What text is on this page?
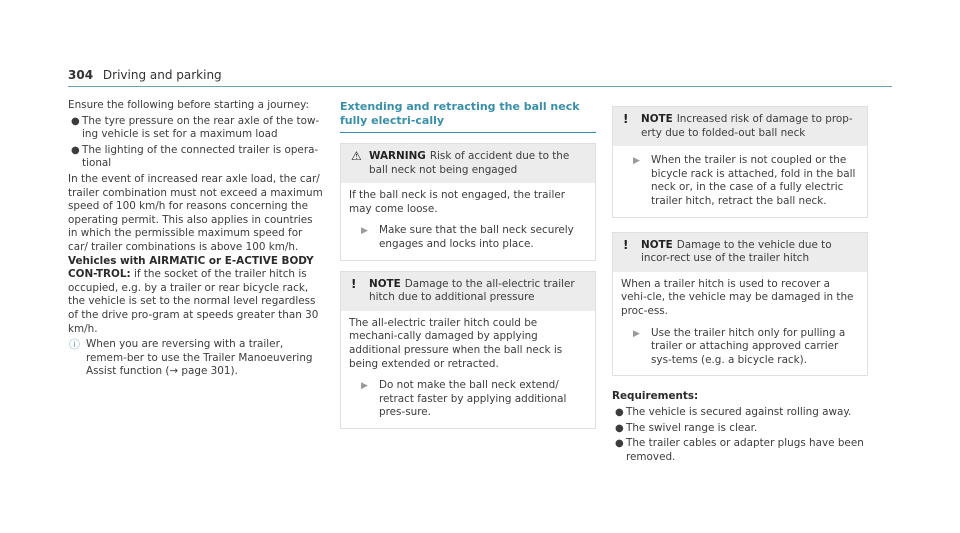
304 Driving and parking

Ensure the following before starting a journey:

● The tyre pressure on the rear axle of the tow-ing vehicle is set for a maximum load
● The lighting of the connected trailer is opera-tional

In the event of increased rear axle load, the car/ trailer combination must not exceed a maximum speed of 100 km/h for reasons concerning the operating permit. This also applies in countries in which the permissible maximum speed for car/ trailer combinations is above 100 km/h.

Vehicles with AIRMATIC or E-ACTIVE BODY CON-TROL: if the socket of the trailer hitch is occupied, e.g. by a trailer or rear bicycle rack, the vehicle is set to the normal level regardless of the drive pro-gram at speeds greater than 30 km/h.

ⓘ When you are reversing with a trailer, remem-ber to use the Trailer Manoeuvering Assist function (→ page 301).

Extending and retracting the ball neck fully electri-cally

⚠ WARNING Risk of accident due to the ball neck not being engaged

If the ball neck is not engaged, the trailer may come loose.

▶ Make sure that the ball neck securely engages and locks into place.
! NOTE Damage to the all-electric trailer hitch due to additional pressure

The all-electric trailer hitch could be mechani-cally damaged by applying additional pressure when the ball neck is being extended or retracted.

▶ Do not make the ball neck extend/ retract faster by applying additional pres-sure.
! NOTE Increased risk of damage to prop-erty due to folded-out ball neck
▶ When the trailer is not coupled or the bicycle rack is attached, fold in the ball neck or, in the case of a fully electric trailer hitch, retract the ball neck.
! NOTE Damage to the vehicle due to incor-rect use of the trailer hitch

When a trailer hitch is used to recover a vehi-cle, the vehicle may be damaged in the proc-ess.

▶ Use the trailer hitch only for pulling a trailer or attaching approved carrier sys-tems (e.g. a bicycle rack).

Requirements:

● The vehicle is secured against rolling away.
● The swivel range is clear.
● The trailer cables or adapter plugs have been removed.
